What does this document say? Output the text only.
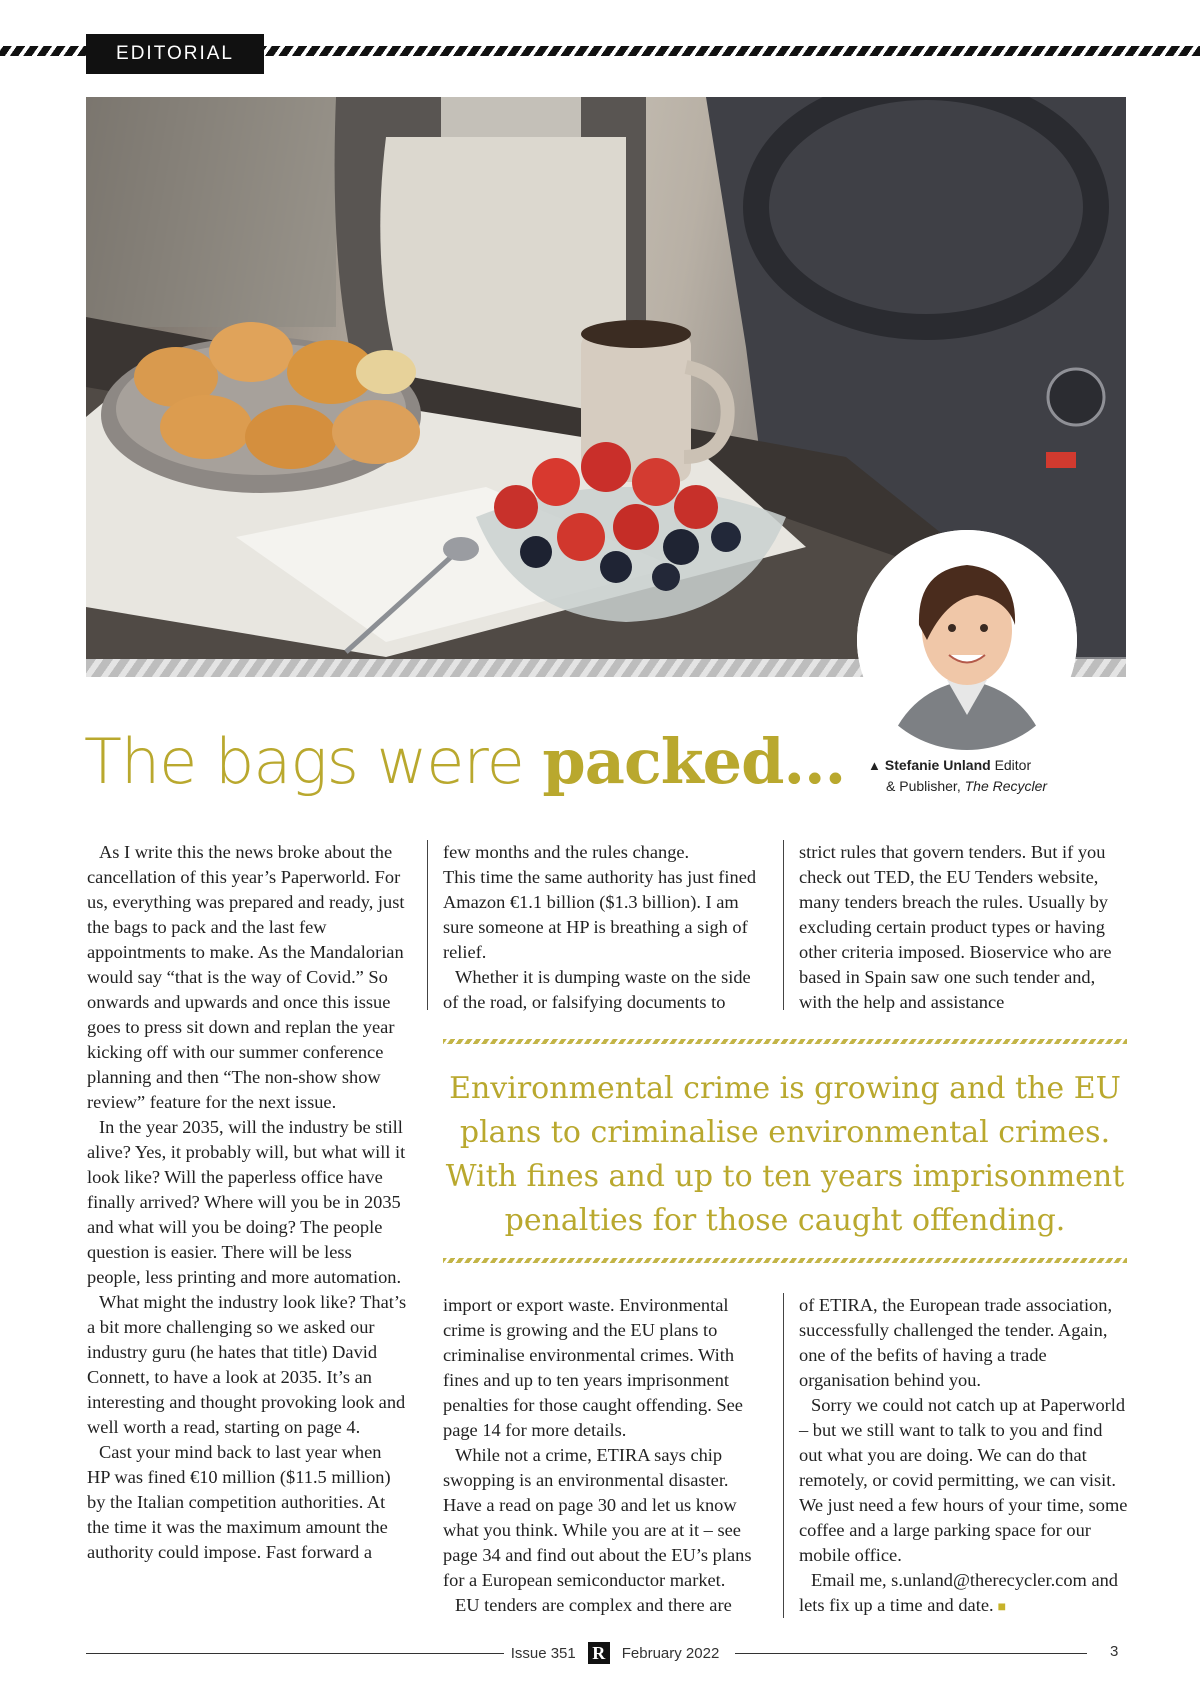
EDITORIAL
The bags were packed... ▲ Stefanie Unland Editor
& Publisher, The Recycler

As I write this the news broke about the cancellation of this year’s Paperworld. For us, everything was prepared and ready, just the bags to pack and the last few appointments to make. As the Mandalorian would say “that is the way of Covid.” So onwards and upwards and once this issue goes to press sit down and replan the year kicking off with our summer conference planning and then “The non-show show review” feature for the next issue.

In the year 2035, will the industry be still alive? Yes, it probably will, but what will it look like? Will the paperless office have finally arrived? Where will you be in 2035 and what will you be doing? The people question is easier. There will be less people, less printing and more automation.

What might the industry look like? That’s a bit more challenging so we asked our industry guru (he hates that title) David Connett, to have a look at 2035. It’s an interesting and thought provoking look and well worth a read, starting on page 4.

Cast your mind back to last year when HP was fined €10 million ($11.5 million) by the Italian competition authorities. At the time it was the maximum amount the authority could impose. Fast forward a

few months and the rules change.

This time the same authority has just fined Amazon €1.1 billion ($1.3 billion). I am sure someone at HP is breathing a sigh of relief.

Whether it is dumping waste on the side of the road, or falsifying documents to

strict rules that govern tenders. But if you check out TED, the EU Tenders website, many tenders breach the rules. Usually by excluding certain product types or having other criteria imposed. Bioservice who are based in Spain saw one such tender and, with the help and assistance

Environmental crime is growing and the EU plans to criminalise environmental crimes. With fines and up to ten years imprisonment penalties for those caught offending.

import or export waste. Environmental crime is growing and the EU plans to criminalise environmental crimes. With fines and up to ten years imprisonment penalties for those caught offending. See page 14 for more details.

While not a crime, ETIRA says chip swopping is an environmental disaster. Have a read on page 30 and let us know what you think. While you are at it – see page 34 and find out about the EU’s plans for a European semiconductor market.

EU tenders are complex and there are

of ETIRA, the European trade association, successfully challenged the tender. Again, one of the befits of having a trade organisation behind you.

Sorry we could not catch up at Paperworld – but we still want to talk to you and find out what you are doing. We can do that remotely, or covid permitting, we can visit. We just need a few hours of your time, some coffee and a large parking space for our mobile office.

Email me, s.unland@therecycler.com and lets fix up a time and date. ■

Issue 351 R	February 2022	3
